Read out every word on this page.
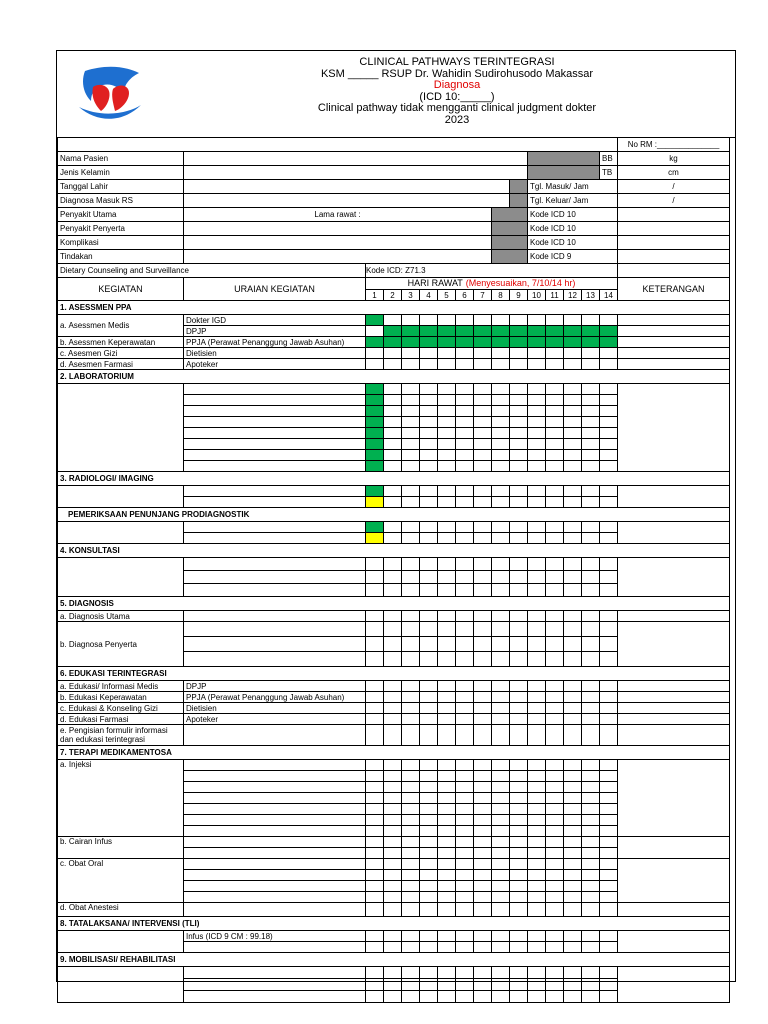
CLINICAL PATHWAYS TERINTEGRASI
KSM _____ RSUP Dr. Wahidin Sudirohusodo Makassar
Diagnosa
(ICD 10:_____)
Clinical pathway tidak mengganti clinical judgment dokter
2023
																No RM :______________
Nama Pasien															BB	kg
Jenis Kelamin															TB	cm
Tanggal Lahir											Tgl. Masuk/ Jam					/
Diagnosa Masuk RS											Tgl. Keluar/ Jam					/
Penyakit Utama	Lama rawat :										Kode ICD 10					
Penyakit Penyerta											Kode ICD 10					
Komplikasi											Kode ICD 10					
Tindakan											Kode ICD 9					
Dietary Counseling and Surveillance		Kode ICD: Z71.3														
KEGIATAN	URAIAN KEGIATAN	HARI RAWAT (Menyesuaikan, 7/10/14 hr)														KETERANGAN
		1	2	3	4	5	6	7	8	9	10	11	12	13	14	
1. ASESSMEN PPA																
a. Asessmen Medis	Dokter IGD															
	DPJP															
b. Asessmen Keperawatan	PPJA (Perawat Penanggung Jawab Asuhan)															
c. Asesmen Gizi	Dietisien															
d. Asesmen Farmasi	Apoteker															
2. LABORATORIUM																

3. RADIOLOGI/ IMAGING																

PEMERIKSAAN PENUNJANG PRODIAGNOSTIK																

4. KONSULTASI																

5. DIAGNOSIS																
a. Diagnosis Utama																
b. Diagnosa Penyerta																

6. EDUKASI TERINTEGRASI																
a. Edukasi/ Informasi Medis	DPJP															
b. Edukasi Keperawatan	PPJA (Perawat Penanggung Jawab Asuhan)															
c. Edukasi & Konseling Gizi	Dietisien															
d. Edukasi Farmasi	Apoteker															

e. Pengisian formulir informasi
dan edukasi terintegrasi																

7. TERAPI MEDIKAMENTOSA																
a. Injeksi																

b. Cairan Infus																

c. Obat Oral																

d. Obat Anestesi																
8. TATALAKSANA/ INTERVENSI (TLI)																
	Infus (ICD 9 CM : 99.18)															

9. MOBILISASI/ REHABILITASI																
